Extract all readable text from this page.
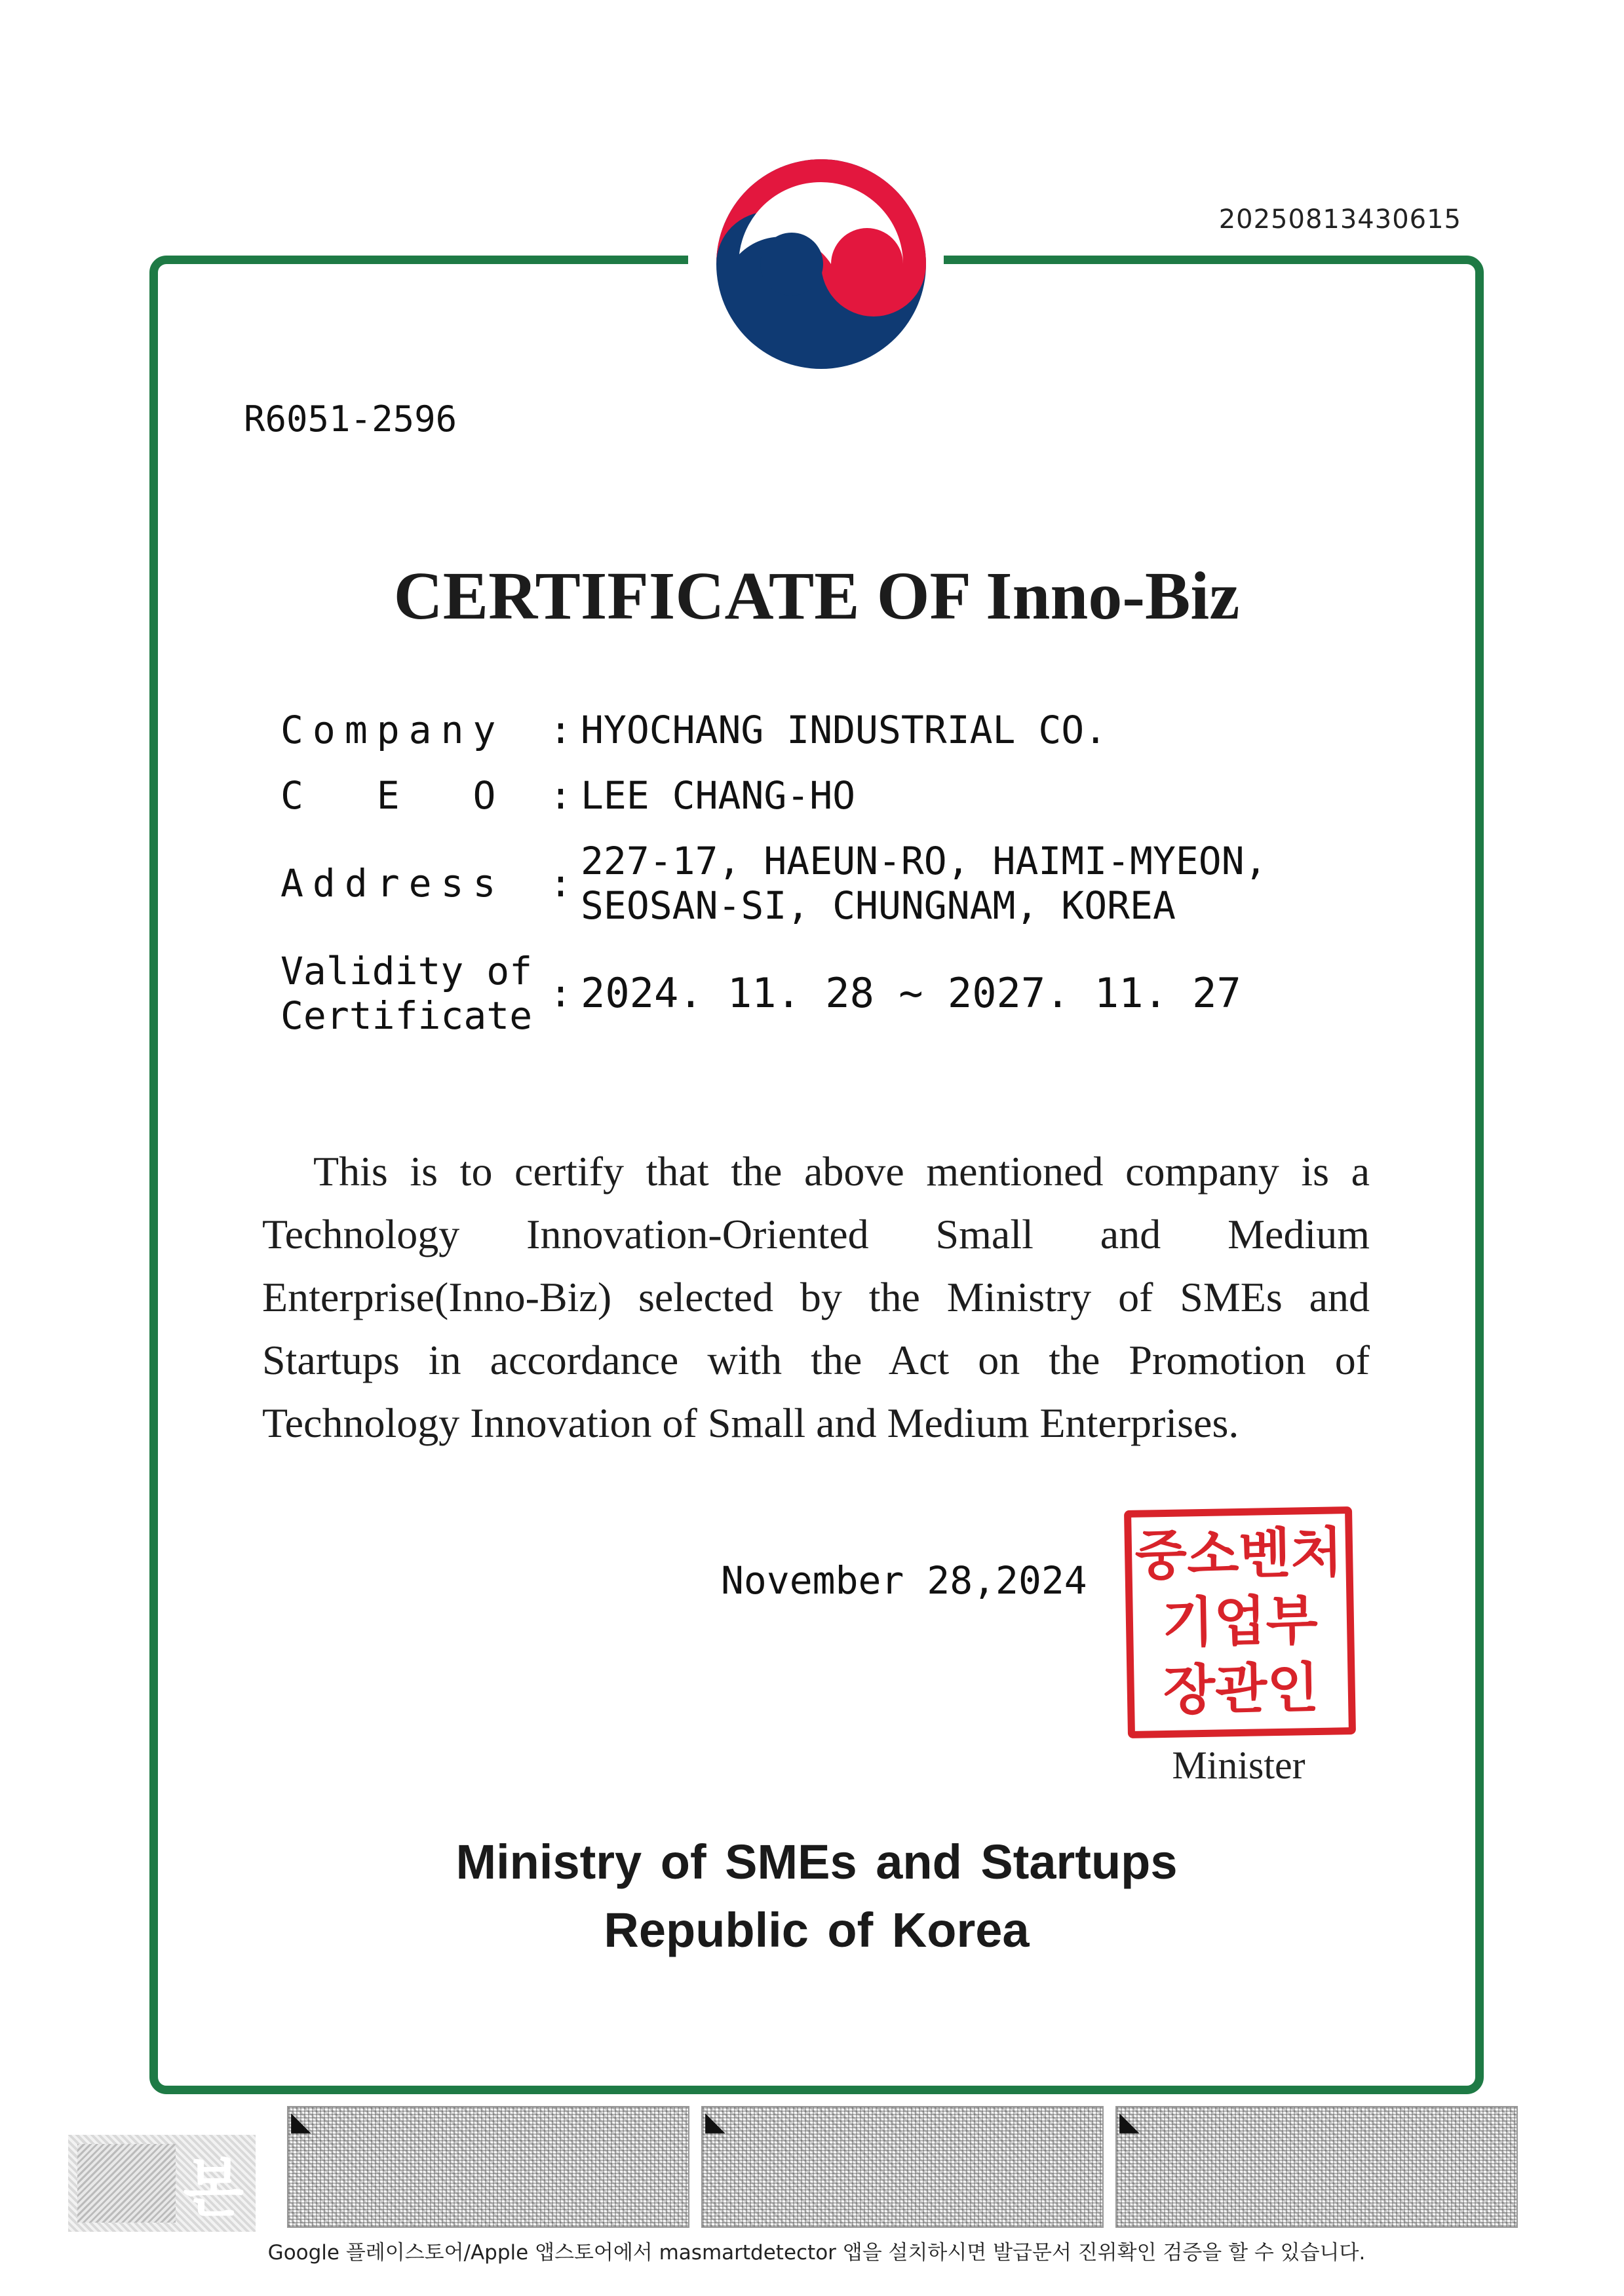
20250813430615
R6051-2596
CERTIFICATE OF Inno-Biz
Company	: HYOCHANG INDUSTRIAL CO.
C  E  O	: LEE CHANG-HO
Address	: 227-17, HAEUN-RO, HAIMI-MYEON,
SEOSAN-SI, CHUNGNAM, KOREA
Validity of
Certificate : 2024. 11. 28 ~ 2027. 11. 27
This is to certify that the above mentioned company is a Technology Innovation-Oriented Small and Medium Enterprise(Inno-Biz) selected by the Ministry of SMEs and Startups in accordance with the Act on the Promotion of Technology Innovation of Small and Medium Enterprises.
November 28,2024 중소벤처
기업부
장관인
Minister
Ministry of SMEs and Startups
Republic of Korea
본
◣	◣	◣
Google 플레이스토어/Apple 앱스토어에서 masmartdetector 앱을 설치하시면 발급문서 진위확인 검증을 할 수 있습니다.
